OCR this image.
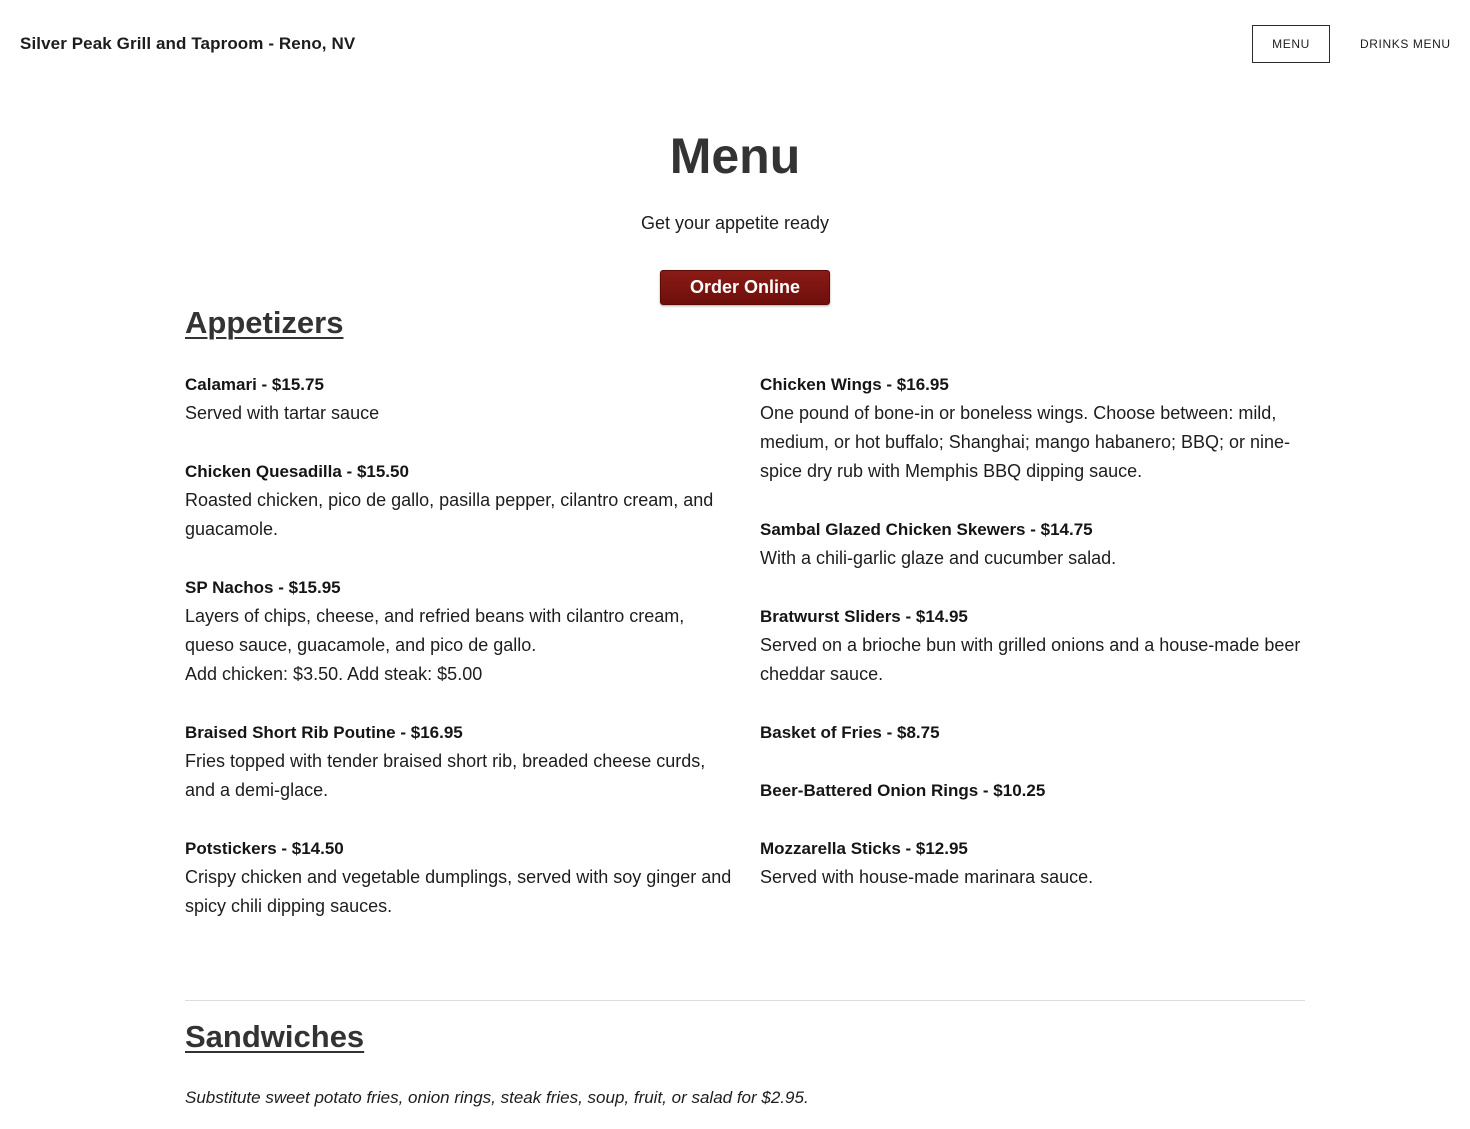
Silver Peak Grill and Taproom - Reno, NV	MENU	DRINKS MENU
Menu

Get your appetite ready

Order Online
Appetizers
Calamari - $15.75
Served with tartar sauce
Chicken Quesadilla - $15.50
Roasted chicken, pico de gallo, pasilla pepper, cilantro cream, and guacamole.
SP Nachos - $15.95
Layers of chips, cheese, and refried beans with cilantro cream, queso sauce, guacamole, and pico de gallo.
Add chicken: $3.50. Add steak: $5.00
Braised Short Rib Poutine - $16.95
Fries topped with tender braised short rib, breaded cheese curds, and a demi-glace.
Potstickers - $14.50
Crispy chicken and vegetable dumplings, served with soy ginger and spicy chili dipping sauces.
Chicken Wings - $16.95
One pound of bone-in or boneless wings. Choose between: mild, medium, or hot buffalo; Shanghai; mango habanero; BBQ; or nine-spice dry rub with Memphis BBQ dipping sauce.
Sambal Glazed Chicken Skewers - $14.75
With a chili-garlic glaze and cucumber salad.
Bratwurst Sliders - $14.95
Served on a brioche bun with grilled onions and a house-made beer cheddar sauce.
Basket of Fries - $8.75
Beer-Battered Onion Rings - $10.25
Mozzarella Sticks - $12.95
Served with house-made marinara sauce.
Sandwiches

Substitute sweet potato fries, onion rings, steak fries, soup, fruit, or salad for $2.95.
